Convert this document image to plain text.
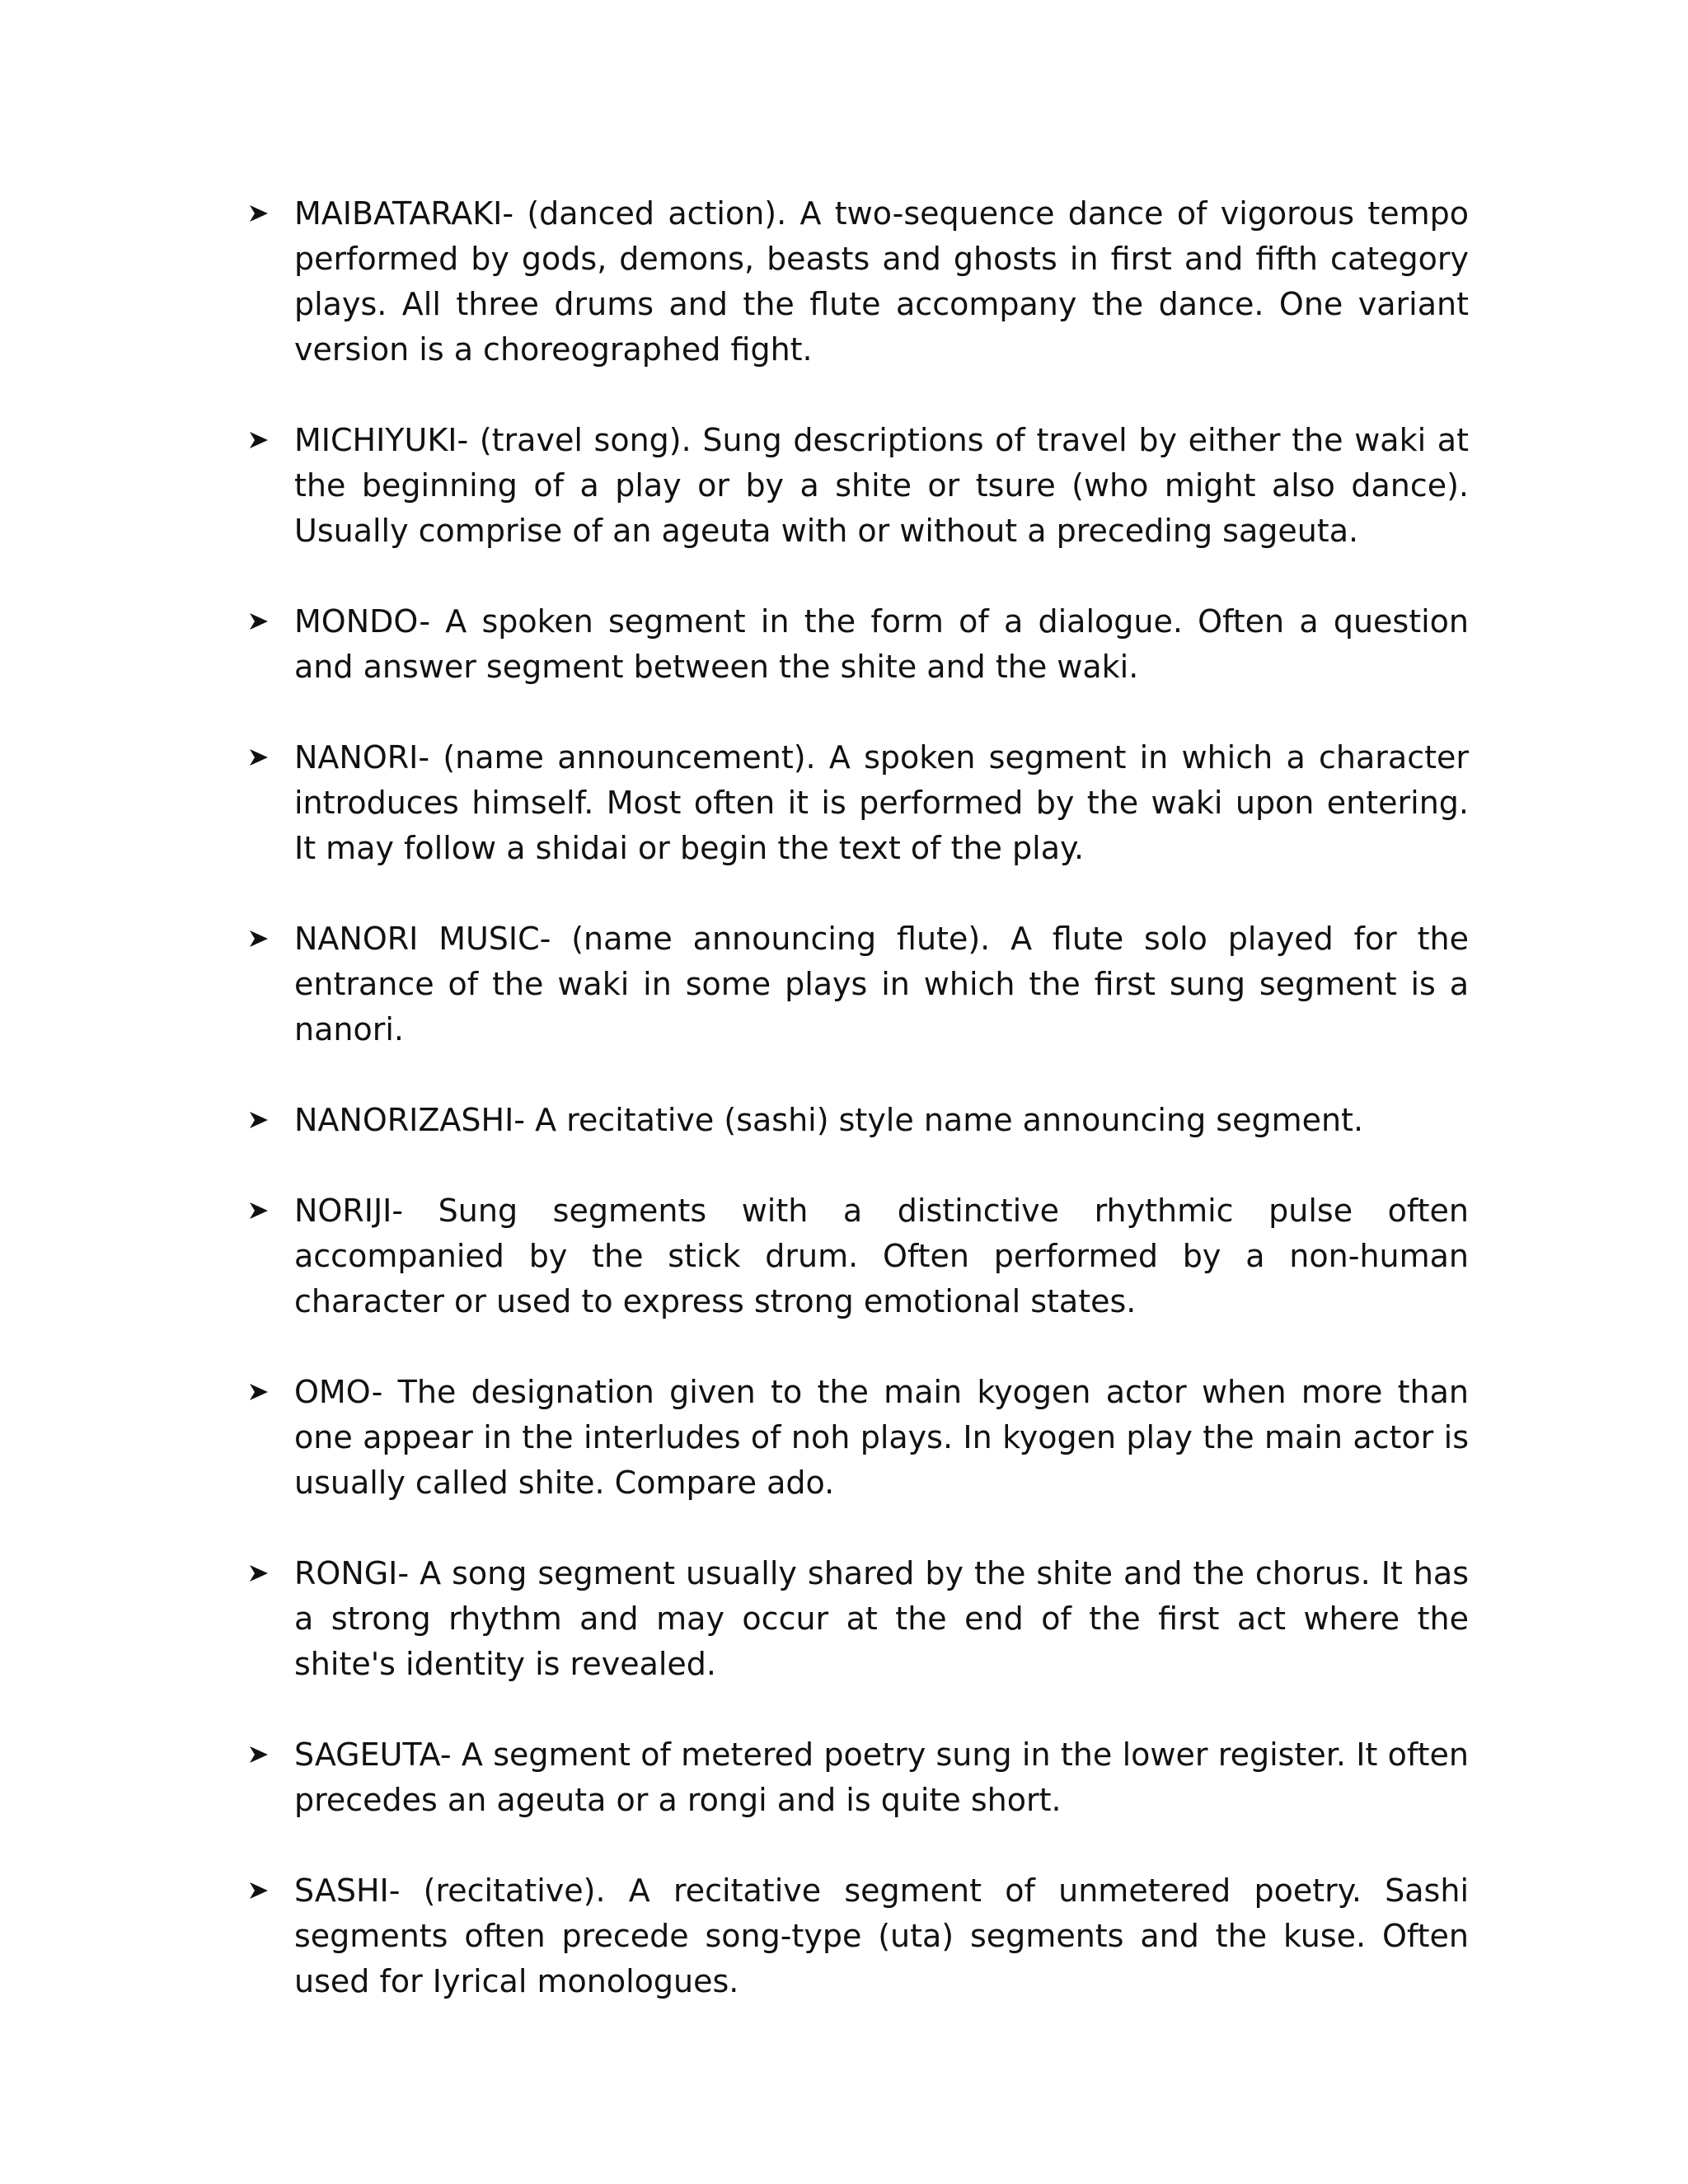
MAIBATARAKI- (danced action). A two-sequence dance of vigorous tempo performed by gods, demons, beasts and ghosts in first and fifth category plays. All three drums and the flute accompany the dance. One variant version is a choreographed fight.
MICHIYUKI- (travel song). Sung descriptions of travel by either the waki at the beginning of a play or by a shite or tsure (who might also dance). Usually comprise of an ageuta with or without a preceding sageuta.
MONDO- A spoken segment in the form of a dialogue. Often a question and answer segment between the shite and the waki.
NANORI- (name announcement). A spoken segment in which a character introduces himself. Most often it is performed by the waki upon entering. It may follow a shidai or begin the text of the play.
NANORI MUSIC- (name announcing flute). A flute solo played for the entrance of the waki in some plays in which the first sung segment is a nanori.
NANORIZASHI- A recitative (sashi) style name announcing segment.
NORIJI- Sung segments with a distinctive rhythmic pulse often accompanied by the stick drum. Often performed by a non-human character or used to express strong emotional states.
OMO- The designation given to the main kyogen actor when more than one appear in the interludes of noh plays. In kyogen play the main actor is usually called shite. Compare ado.
RONGI- A song segment usually shared by the shite and the chorus. It has a strong rhythm and may occur at the end of the first act where the shite's identity is revealed.
SAGEUTA- A segment of metered poetry sung in the lower register. It often precedes an ageuta or a rongi and is quite short.
SASHI- (recitative). A recitative segment of unmetered poetry. Sashi segments often precede song-type (uta) segments and the kuse. Often used for Iyrical monologues.
